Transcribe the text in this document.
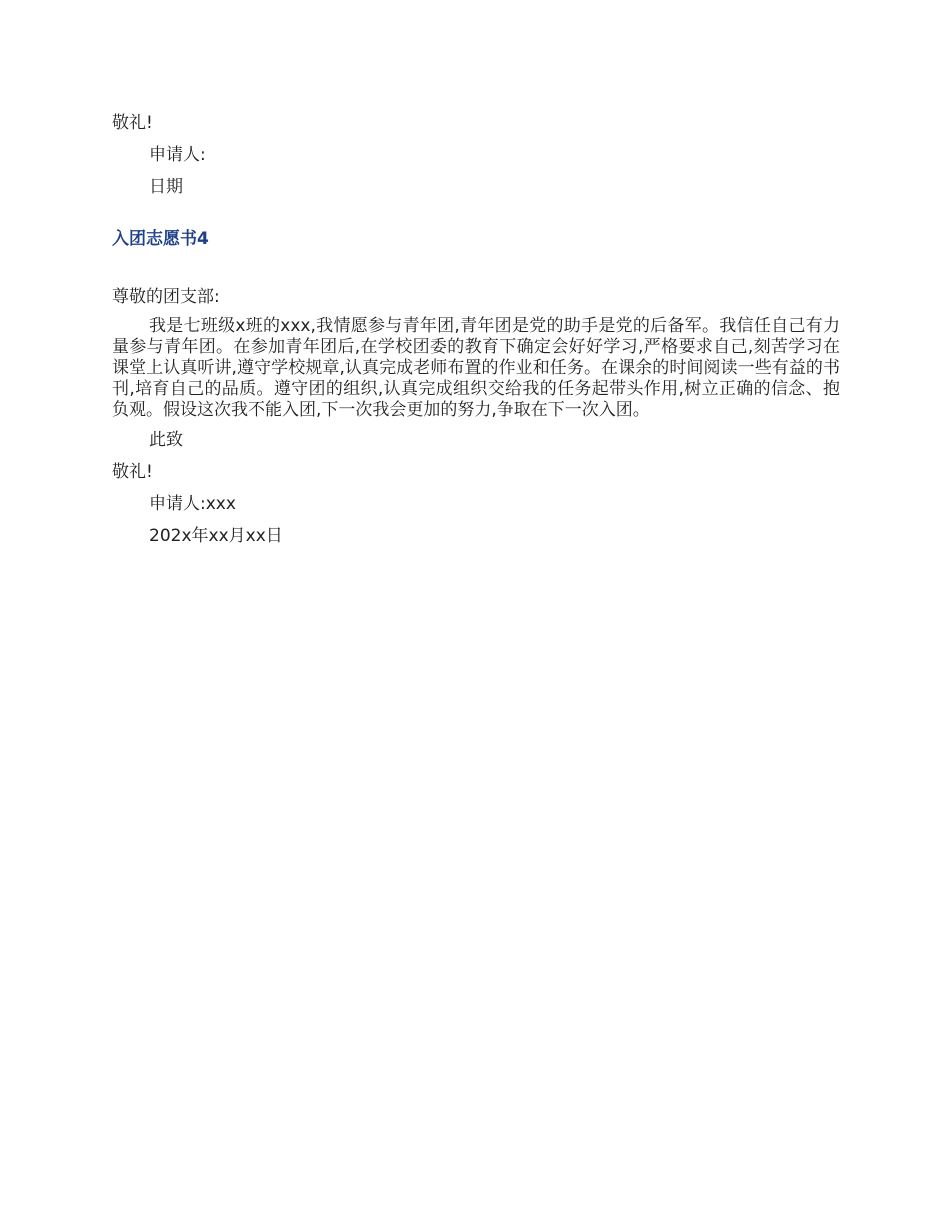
敬礼!

申请人:

日期

入团志愿书4

尊敬的团支部:

我是七班级x班的xxx,我情愿参与青年团,青年团是党的助手是党的后备军。我信任自己有力量参与青年团。在参加青年团后,在学校团委的教育下确定会好好学习,严格要求自己,刻苦学习在课堂上认真听讲,遵守学校规章,认真完成老师布置的作业和任务。在课余的时间阅读一些有益的书刊,培育自己的品质。遵守团的组织,认真完成组织交给我的任务起带头作用,树立正确的信念、抱负观。假设这次我不能入团,下一次我会更加的努力,争取在下一次入团。

此致

敬礼!

申请人:xxx

202x年xx月xx日
